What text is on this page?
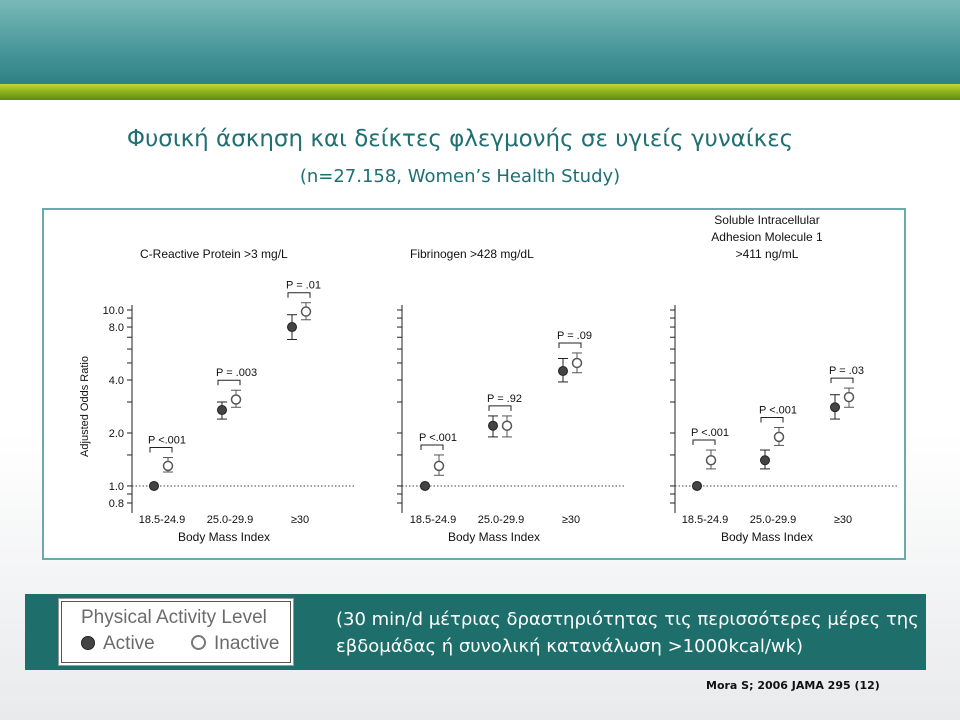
Φυσική άσκηση και δείκτες φλεγμονής σε υγιείς γυναίκες
(n=27.158, Women’s Health Study)
C-Reactive Protein >3 mg/L
0.8
1.0
2.0
4.0
8.0
10.0
Adjusted Odds Ratio
18.5-24.9 25.0-29.9	≥30
Body Mass Index
P <.001
P = .003
P = .01
Fibrinogen >428 mg/dL
18.5-24.9 25.0-29.9	≥30
Body Mass Index
P <.001
P = .92
P = .09
Soluble Intracellular
Adhesion Molecule 1
>411 ng/mL
18.5-24.9 25.0-29.9	≥30
Body Mass Index
P <.001
P <.001
P = .03
Physical Activity Level
Active	Inactive
(30 min/d μέτριας δραστηριότητας τις περισσότερες μέρες της εβδομάδας ή συνολική κατανάλωση >1000kcal/wk)
Mora S; 2006 JAMA 295 (12)
